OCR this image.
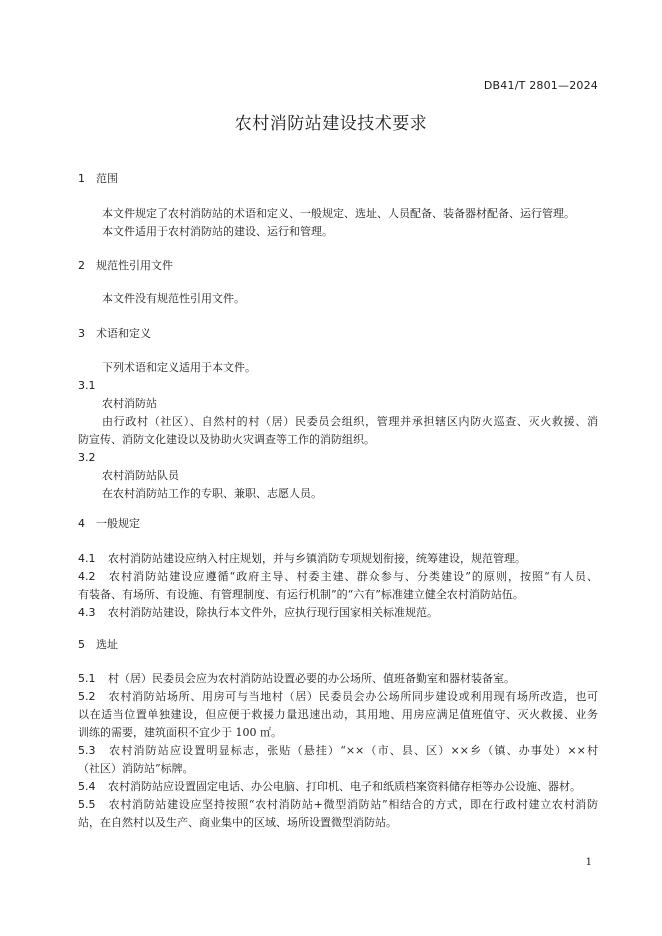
DB41/T 2801—2024
农村消防站建设技术要求
1 范围
本文件规定了农村消防站的术语和定义、一般规定、选址、人员配备、装备器材配备、运行管理。
本文件适用于农村消防站的建设、运行和管理。
2 规范性引用文件
本文件没有规范性引用文件。
3 术语和定义
下列术语和定义适用于本文件。
3.1
农村消防站
由行政村（社区）、自然村的村（居）民委员会组织，管理并承担辖区内防火巡查、灭火救援、消
防宣传、消防文化建设以及协助火灾调查等工作的消防组织。
3.2
农村消防站队员
在农村消防站工作的专职、兼职、志愿人员。
4 一般规定
4.1 农村消防站建设应纳入村庄规划，并与乡镇消防专项规划衔接，统筹建设，规范管理。
4.2 农村消防站建设应遵循“政府主导、村委主建、群众参与、分类建设”的原则，按照“有人员、
有装备、有场所、有设施、有管理制度、有运行机制”的“六有”标准建立健全农村消防站伍。
4.3 农村消防站建设，除执行本文件外，应执行现行国家相关标准规范。
5 选址
5.1 村（居）民委员会应为农村消防站设置必要的办公场所、值班备勤室和器材装备室。
5.2 农村消防站场所、用房可与当地村（居）民委员会办公场所同步建设或利用现有场所改造，也可
以在适当位置单独建设，但应便于救援力量迅速出动，其用地、用房应满足值班值守、灭火救援、业务
训练的需要，建筑面积不宜少于 100 ㎡。
5.3 农村消防站应设置明显标志，张贴（悬挂）“××（市、县、区）××乡（镇、办事处）××村
（社区）消防站”标牌。
5.4 农村消防站应设置固定电话、办公电脑、打印机、电子和纸质档案资料储存柜等办公设施、器材。
5.5 农村消防站建设应坚持按照“农村消防站+微型消防站”相结合的方式，即在行政村建立农村消防
站，在自然村以及生产、商业集中的区域、场所设置微型消防站。
1
